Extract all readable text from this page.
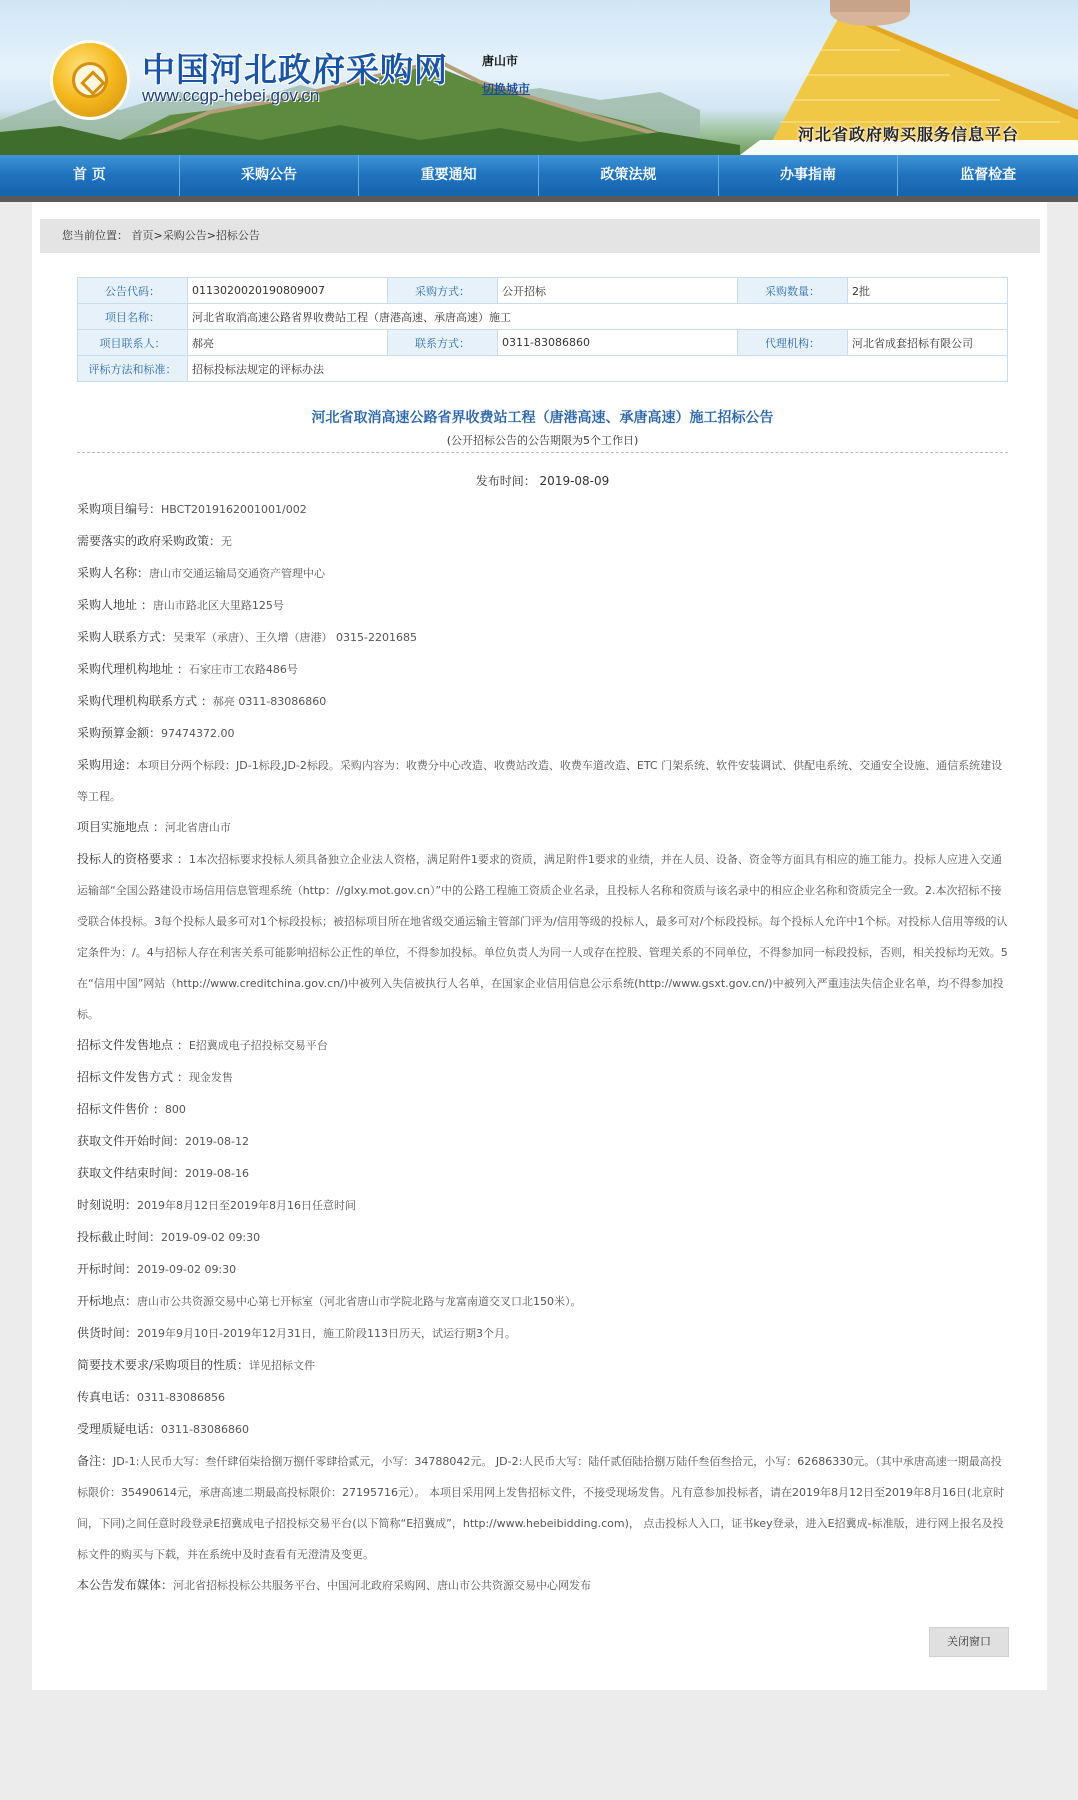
中国河北政府采购网
www.ccgp-hebei.gov.cn
唐山市
切换城市
河北省政府购买服务信息平台
首 页	采购公告	重要通知	政策法规	办事指南	监督检查
您当前位置： 首页>采购公告>招标公告
公告代码：	011302002019080900​7	采购方式：	公开招标	采购数量：	2批
项目名称：	河北省取消高速公路省界收费站工程（唐港高速、承唐高速）施工				
项目联系人：	郝亮	联系方式：	0311-83086860	代理机构：	河北省成套招标有限公司
评标方法和标准：	招标投标法规定的评标办法				
河北省取消高速公路省界收费站工程（唐港高速、承唐高速）施工招标公告
(公开招标公告的公告期限为5个工作日)
发布时间： 2019-08-09
采购项目编号：HBCT2019162001001/002
需要落实的政府采购政策：无
采购人名称：唐山市交通运输局交通资产管理中心
采购人地址 ：唐山市路北区大里路125号
采购人联系方式：吴秉军（承唐）、王久增（唐港） 0315-2201685
采购代理机构地址 ：石家庄市工农路486号
采购代理机构联系方式 ：郝亮 0311-83086860
采购预算金额：97474372.00
采购用途：本项目分两个标段：JD-1标段,JD-2标段。采购内容为：收费分中心改造、收费站改造、收费车道改造、ETC 门架系统、软件安装调试、供配电系统、交通安全设施、通信系统建设等工程。
项目实施地点 ：河北省唐山市
投标人的资格要求 ：1本次招标要求投标人须具备独立企业法人资格，满足附件1要求的资质，满足附件1要求的业绩，并在人员、设备、资金等方面具有相应的施工能力。投标人应进入交通运输部“全国公路建设市场信用信息管理系统（http：//glxy.mot.gov.cn）”中的公路工程施工资质企业名录，且投标人名称和资质与该名录中的相应企业名称和资质完全一致。2.本次招标不接受联合体投标。3每个投标人最多可对1个标段投标；被招标项目所在地省级交通运输主管部门评为/信用等级的投标人，最多可对/个标段投标。每个投标人允许中1个标。对投标人信用等级的认定条件为：/。4与招标人存在利害关系可能影响招标公正性的单位，不得参加投标。单位负责人为同一人或存在控股、管理关系的不同单位，不得参加同一标段投标，否则，相关投标均无效。5在“信用中国”网站（http://www.creditchina.gov.cn/)中被列入失信被执行人名单，在国家企业信用信息公示系统(http://www.gsxt.gov.cn/)中被列入严重违法失信企业名单，均不得参加投标。
招标文件发售地点 ：E招冀成电子招投标交易平台
招标文件发售方式 ：现金发售
招标文件售价 ：800
获取文件开始时间：2019-08-12
获取文件结束时间：2019-08-16
时刻说明：2019年8月12日至2019年8月16日任意时间
投标截止时间：2019-09-02 09:30
开标时间：2019-09-02 09:30
开标地点：唐山市公共资源交易中心第七开标室（河北省唐山市学院北路与龙富南道交叉口北150米）。
供货时间：2019年9月10日-2019年12月31日，施工阶段113日历天，试运行期3个月。
简要技术要求/采购项目的性质：详见招标文件
传真电话：0311-83086856
受理质疑电话：0311-83086860
备注：JD-1:人民币大写：叁仟肆佰柒拾捌万捌仟零肆拾贰元，小写：34788042元。 JD-2:人民币大写：陆仟贰佰陆拾捌万陆仟叁佰叁拾元，小写：62686330元。（其中承唐高速一期最高投标限价：35490614元，承唐高速二期最高投标限价：27195716元）。 本项目采用网上发售招标文件，不接受现场发售。凡有意参加投标者，请在2019年8月12日至2019年8月16日(北京时间，下同)之间任意时段登录E招冀成电子招投标交易平台(以下简称“E招冀成”，http://www.hebeibidding.com)， 点击投标人入口，证书key登录，进入E招冀成-标准版，进行网上报名及投标文件的购买与下载，并在系统中及时查看有无澄清及变更。
本公告发布媒体：河北省招标投标公共服务平台、中国河北政府采购网、唐山市公共资源交易中心网发布
关闭窗口
